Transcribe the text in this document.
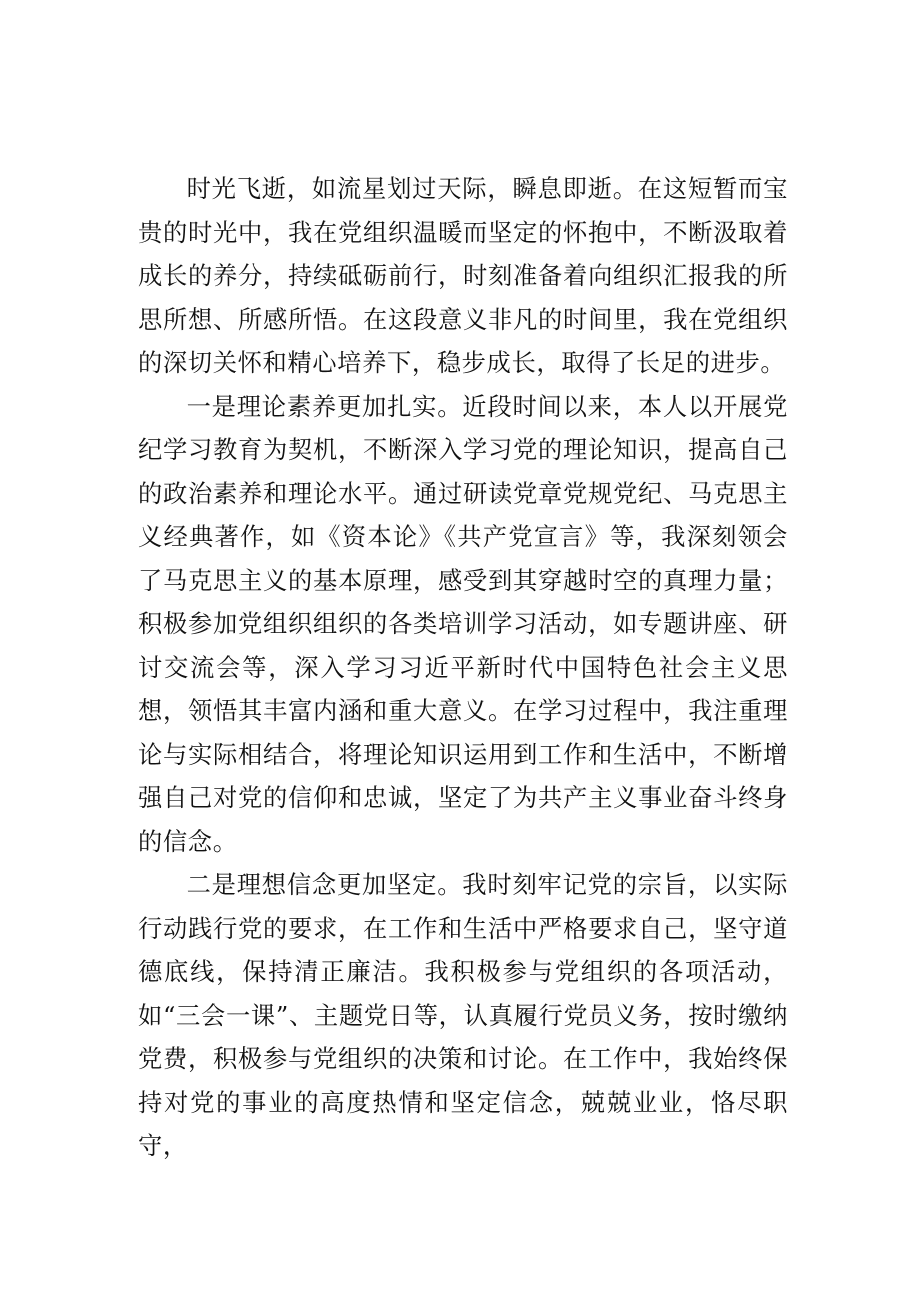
时光飞逝，如流星划过天际，瞬息即逝。在这短暂而宝贵的时光中，我在党组织温暖而坚定的怀抱中，不断汲取着成长的养分，持续砥砺前行，时刻准备着向组织汇报我的所思所想、所感所悟。在这段意义非凡的时间里，我在党组织的深切关怀和精心培养下，稳步成长，取得了长足的进步。

一是理论素养更加扎实。近段时间以来，本人以开展党纪学习教育为契机，不断深入学习党的理论知识，提高自己的政治素养和理论水平。通过研读党章党规党纪、马克思主义经典著作，如《资本论》《共产党宣言》等，我深刻领会了马克思主义的基本原理，感受到其穿越时空的真理力量；积极参加党组织组织的各类培训学习活动，如专题讲座、研讨交流会等，深入学习习近平新时代中国特色社会主义思想，领悟其丰富内涵和重大意义。在学习过程中，我注重理论与实际相结合，将理论知识运用到工作和生活中，不断增强自己对党的信仰和忠诚，坚定了为共产主义事业奋斗终身的信念。

二是理想信念更加坚定。我时刻牢记党的宗旨，以实际行动践行党的要求，在工作和生活中严格要求自己，坚守道德底线，保持清正廉洁。我积极参与党组织的各项活动，如“三会一课”、主题党日等，认真履行党员义务，按时缴纳党费，积极参与党组织的决策和讨论。在工作中，我始终保持对党的事业的高度热情和坚定信念，兢兢业业，恪尽职守，
